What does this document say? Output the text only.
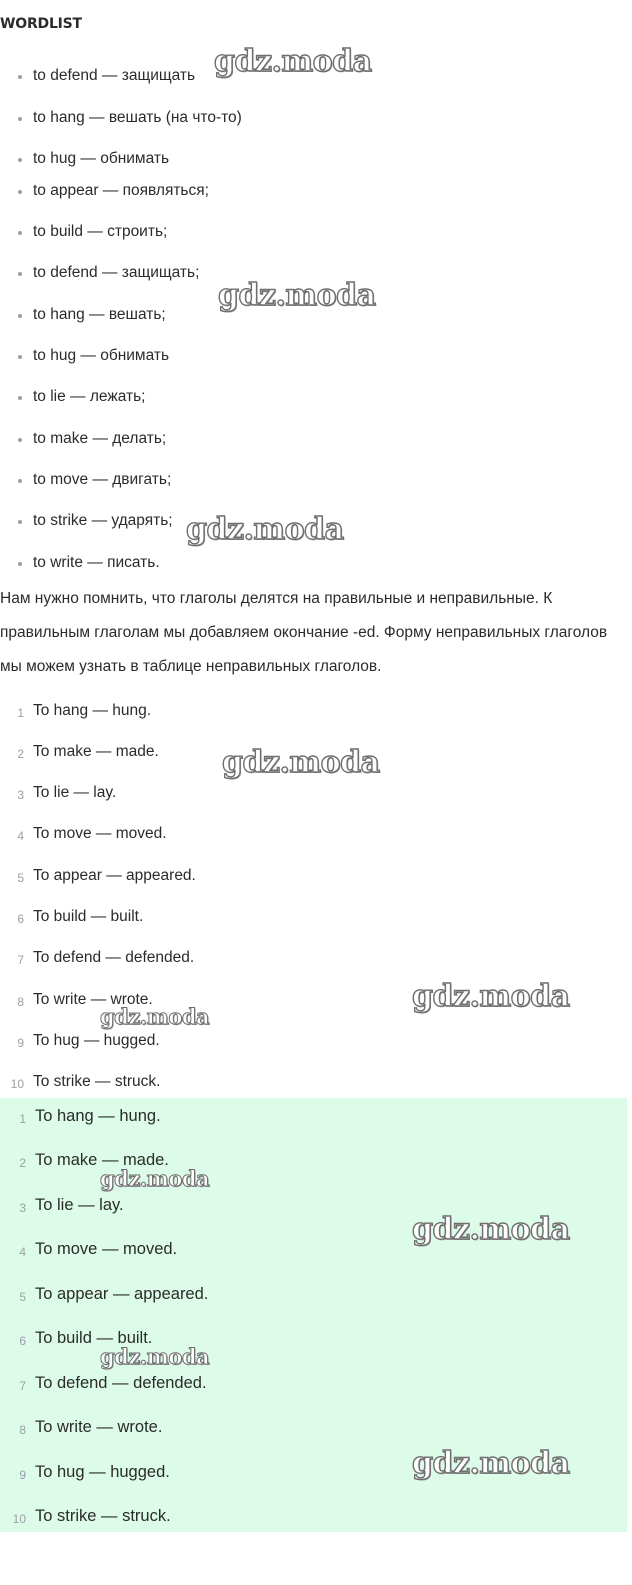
WORDLIST
to defend — защищать
to hang — вешать (на что-то)
to hug — обнимать
to appear — появляться;
to build — строить;
to defend — защищать;
to hang — вешать;
to hug — обнимать
to lie — лежать;
to make — делать;
to move — двигать;
to strike — ударять;
to write — писать.

Нам нужно помнить, что глаголы делятся на правильные и неправильные. К правильным глаголам мы добавляем окончание -ed. Форму неправильных глаголов мы можем узнать в таблице неправильных глаголов.

1 To hang — hung.
2 To make — made.
3 To lie — lay.
4 To move — moved.
5 To appear — appeared.
6 To build — built.
7 To defend — defended.
8 To write — wrote.
9 To hug — hugged.
10 To strike — struck.
1 To hang — hung.
2 To make — made.
3 To lie — lay.
4 To move — moved.
5 To appear — appeared.
6 To build — built.
7 To defend — defended.
8 To write — wrote.
9 To hug — hugged.
10 To strike — struck.
gdz.moda
gdz.moda
gdz.moda
gdz.moda
gdz.moda
gdz.moda
gdz.moda
gdz.moda
gdz.moda
gdz.moda
